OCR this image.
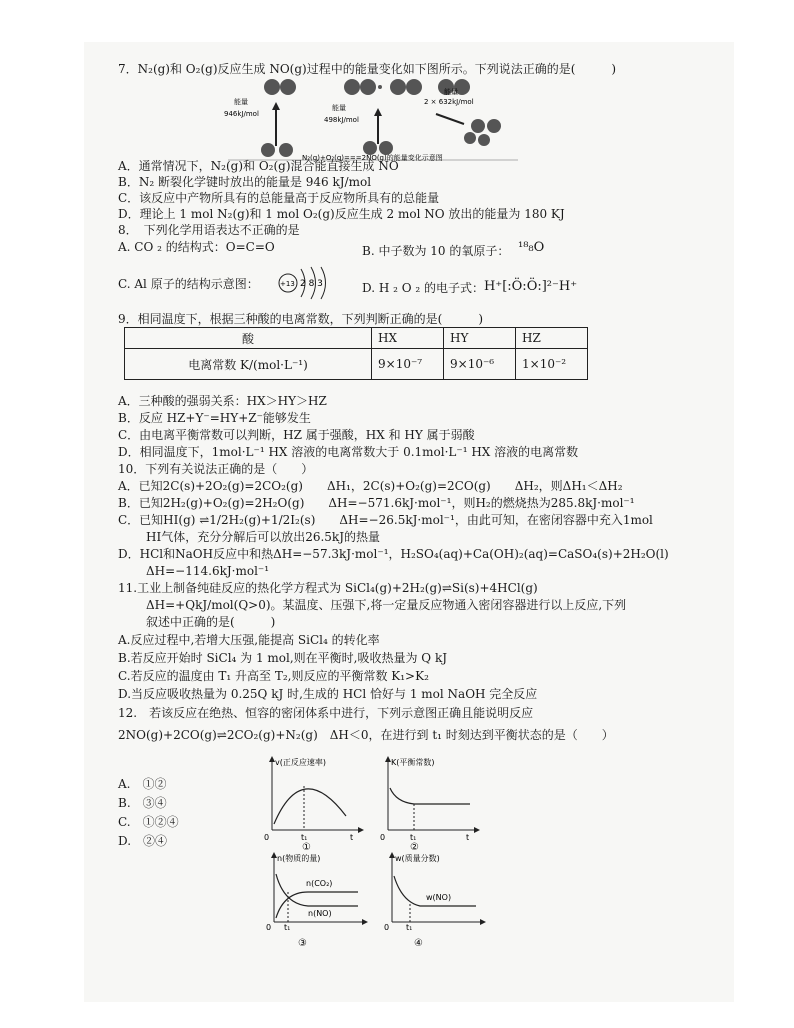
7．N₂(g)和 O₂(g)反应生成 NO(g)过程中的能量变化如下图所示。下列说法正确的是(　　　)
能量
946kJ/mol
能量
498kJ/mol
能量
2 × 632kJ/mol
N₂(g)+O₂(g)===2NO(g)的能量变化示意图
A．通常情况下，N₂(g)和 O₂(g)混合能直接生成 NO
B．N₂ 断裂化学键时放出的能量是 946 kJ/mol
C．该反应中产物所具有的总能量高于反应物所具有的总能量
D．理论上 1 mol N₂(g)和 1 mol O₂(g)反应生成 2 mol NO 放出的能量为 180 KJ
8．　下列化学用语表达不正确的是
A. CO ₂ 的结构式：O=C=O	B. 中子数为 10 的氧原子： ¹⁸₈O
C. Al 原子的结构示意图：	+13 2 8 3	D. H ₂ O ₂ 的电子式： H⁺[:Ö:Ö:]²⁻H⁺
9．相同温度下，根据三种酸的电离常数，下列判断正确的是(　　　)
酸	HX	HY	HZ
电离常数 K/(mol·L⁻¹)	9×10⁻⁷	9×10⁻⁶	1×10⁻²
A．三种酸的强弱关系：HX＞HY＞HZ
B．反应 HZ+Y⁻=HY+Z⁻能够发生
C．由电离平衡常数可以判断，HZ 属于强酸，HX 和 HY 属于弱酸
D．相同温度下，1mol·L⁻¹ HX 溶液的电离常数大于 0.1mol·L⁻¹ HX 溶液的电离常数
10．下列有关说法正确的是（　　）
A．已知2C(s)+2O₂(g)=2CO₂(g)　　ΔH₁，2C(s)+O₂(g)=2CO(g)　　ΔH₂，则ΔH₁＜ΔH₂
B．已知2H₂(g)+O₂(g)=2H₂O(g)　　ΔH=−571.6kJ·mol⁻¹，则H₂的燃烧热为285.8kJ·mol⁻¹
C．已知HI(g) ⇌1/2H₂(g)+1/2I₂(s)　　ΔH=−26.5kJ·mol⁻¹，由此可知，在密闭容器中充入1mol
HI气体，充分分解后可以放出26.5kJ的热量
D．HCl和NaOH反应中和热ΔH=−57.3kJ·mol⁻¹，H₂SO₄(aq)+Ca(OH)₂(aq)=CaSO₄(s)+2H₂O(l)
ΔH=−114.6kJ·mol⁻¹
11.工业上制备纯硅反应的热化学方程式为 SiCl₄(g)+2H₂(g)⇌Si(s)+4HCl(g)
ΔH=+QkJ/mol(Q>0)。某温度、压强下,将一定量反应物通入密闭容器进行以上反应,下列
叙述中正确的是(　　　)
A.反应过程中,若增大压强,能提高 SiCl₄ 的转化率
B.若反应开始时 SiCl₄ 为 1 mol,则在平衡时,吸收热量为 Q kJ
C.若反应的温度由 T₁ 升高至 T₂,则反应的平衡常数 K₁>K₂
D.当反应吸收热量为 0.25Q kJ 时,生成的 HCl 恰好与 1 mol NaOH 完全反应
12.　若该反应在绝热、恒容的密闭体系中进行，下列示意图正确且能说明反应
2NO(g)+2CO(g)⇌2CO₂(g)+N₂(g)　ΔH＜0，在进行到 t₁ 时刻达到平衡状态的是（　　）
A.　①②
B.　③④
C.　①②④
D.　②④
v(正反应速率)
0	t₁	t
①
K(平衡常数)
0	t₁	t
②
n(物质的量)
n(CO₂)
n(NO)
0 t₁
③
w(质量分数)
w(NO)
0 t₁
④
